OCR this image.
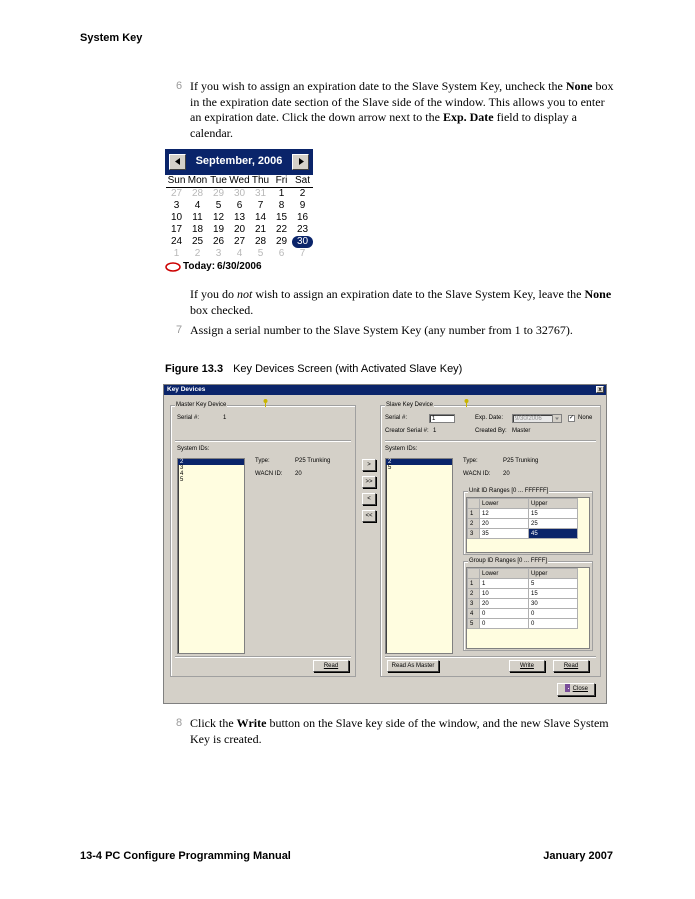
System Key
6 If you wish to assign an expiration date to the Slave System Key, uncheck the None box in the expiration date section of the Slave side of the window. This allows you to enter an expiration date. Click the down arrow next to the Exp. Date field to display a calendar.
September, 2006
Sun Mon Tue Wed Thu Fri Sat
27 28 29 30 31	1	2
3	4	5	6	7	8	9
10	11	12 13 14 15 16
17 18 19 20 21 22 23
24 25 26 27 28 29 30
1	2	3	4	5	6	7
Today: 6/30/2006
If you do not wish to assign an expiration date to the Slave System Key, leave the None box checked.
7 Assign a serial number to the Slave System Key (any number from 1 to 32767).
Figure 13.3 Key Devices Screen (with Activated Slave Key)
Key Devices	x
Master Key Device
Serial #:	1
System IDs:
2
3
4
5
Type:	P25 Trunking
WACN ID: 20
Read
>
>>
<
<<
Slave Key Device
Serial #:	1	Exp. Date:	9/30/2006	✓ None
Creator Serial #: 1	Created By: Master
System IDs:
2
5
Type:	P25 Trunking
WACN ID: 20
Unit ID Ranges [0 ... FFFFFF]
	Lower	Upper
1	12	15
2	20	25
3	35	45
Group ID Ranges [0 ... FFFF]
	Lower	Upper
1	1	5
2	10	15
3	20	30
4	0	0
5	0	0
Read As Master	Write	Read
Close
8 Click the Write button on the Slave key side of the window, and the new Slave System Key is created.
13-4 PC Configure Programming Manual	January 2007
